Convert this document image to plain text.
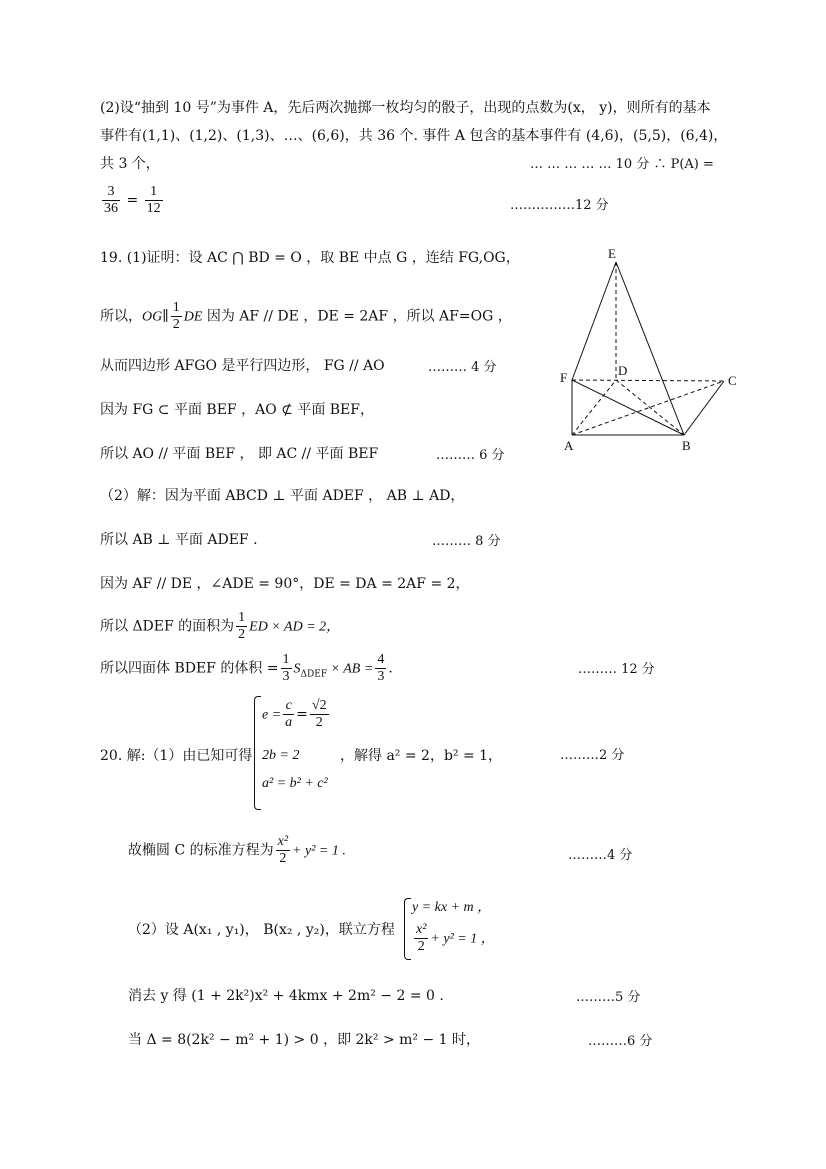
(2)设“抽到 10 号”为事件 A，先后两次抛掷一枚均匀的骰子，出现的点数为(x， y)，则所有的基本
事件有(1,1)、(1,2)、(1,3)、…、(6,6)，共 36 个. 事件 A 包含的基本事件有 (4,6)，(5,5)，(6,4)，
共 3 个，	… … … … … 10 分 ∴ P(A) =
$\frac{3}{36} = \frac{1}{12}$	……………12 分
19. (1)证明：设 AC ⋂ BD = O ，取 BE 中点 G ，连结 FG,OG，
所以，OG∥ $\frac{1}{2}$ DE 因为 AF // DE ，DE = 2AF ，所以 AF=OG ，
从而四边形 AFGO 是平行四边形， FG // AO	……… 4 分
因为 FG ⊂ 平面 BEF ，AO ⊄ 平面 BEF，
所以 AO // 平面 BEF ， 即 AC // 平面 BEF	……… 6 分
（2）解：因为平面 ABCD ⊥ 平面 ADEF ， AB ⊥ AD，
所以 AB ⊥ 平面 ADEF .	……… 8 分
因为 AF // DE ，∠ADE = 90°，DE = DA = 2AF = 2，
所以 ΔDEF 的面积为 $\frac{1}{2}$ ED × AD = 2，
所以四面体 BDEF 的体积 = $\frac{1}{3} S_{\Delta DEF}$ × AB = $\frac{4}{3}$ .	……… 12 分
E
F	D
C
A	B
20. 解:（1）由已知可得
$e = \frac{c}{a} = \frac{√2}{2}$
2b = 2
a² = b² + c²
，解得 a² = 2，b² = 1，	………2 分
故椭圆 C 的标准方程为 $\frac{\text{x²}}{2} + y^2 = 1$ .	………4 分
（2）设 A(x₁ , y₁)， B(x₂ , y₂)，联立方程
y = kx + m ，
$\frac{\text{x²}}{2} + y^2 = 1$ ，
消去 y 得 (1 + 2k²)x² + 4kmx + 2m² − 2 = 0 .	………5 分
当 Δ = 8(2k² − m² + 1) > 0 ，即 2k² > m² − 1 时，	………6 分
